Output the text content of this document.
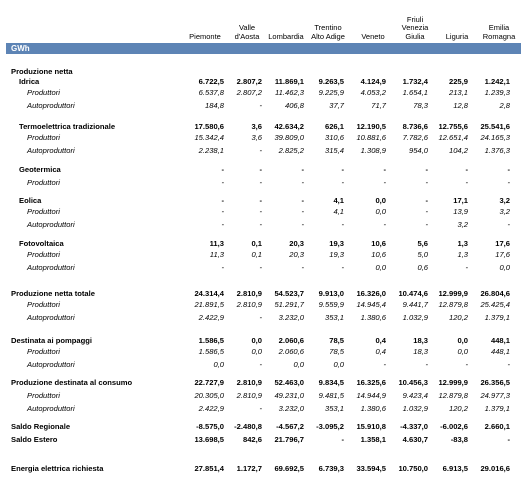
Piemonte
Valle
d'Aosta	Lombardia
Trentino
Alto Adige	Veneto
Friuli
Venezia
Giulia	Liguria
Emilia
Romagna
GWh
Produzione netta
Idrica	6.722,5 2.807,2 11.869,1 9.263,5 4.124,9 1.732,4	225,9 1.242,1
Produttori	6.537,8 2.807,2 11.462,3 9.225,9 4.053,2 1.654,1	213,1 1.239,3
Autoproduttori	184,8	-	406,8	37,7	71,7	78,3	12,8	2,8
Termoelettrica tradizionale	17.580,6	3,6 42.634,2	626,1 12.190,5 8.736,6 12.755,6 25.541,6
Produttori	15.342,4	3,6 39.809,0	310,6 10.881,6 7.782,6 12.651,4 24.165,3
Autoproduttori	2.238,1	- 2.825,2	315,4 1.308,9	954,0	104,2 1.376,3
Geotermica	-	-	-	-	-	-	-	-
Produttori	-	-	-	-	-	-	-	-
Eolica	-	-	-	4,1	0,0	-	17,1	3,2
Produttori	-	-	-	4,1	0,0	-	13,9	3,2
Autoproduttori	-	-	-	-	-	-	3,2	-
Fotovoltaica	11,3	0,1	20,3	19,3	10,6	5,6	1,3	17,6
Produttori	11,3	0,1	20,3	19,3	10,6	5,0	1,3	17,6
Autoproduttori	-	-	-	-	0,0	0,6	-	0,0
Produzione netta totale	24.314,4 2.810,9 54.523,7 9.913,0 16.326,0 10.474,6 12.999,9 26.804,6
Produttori	21.891,5 2.810,9 51.291,7 9.559,9 14.945,4 9.441,7 12.879,8 25.425,4
Autoproduttori	2.422,9	- 3.232,0	353,1 1.380,6 1.032,9	120,2 1.379,1
Destinata ai pompaggi	1.586,5	0,0 2.060,6	78,5	0,4	18,3	0,0	448,1
Produttori	1.586,5	0,0 2.060,6	78,5	0,4	18,3	0,0	448,1
Autoproduttori	0,0	-	0,0	0,0	-	-	-	-
Produzione destinata al consumo	22.727,9 2.810,9 52.463,0 9.834,5 16.325,6 10.456,3 12.999,9 26.356,5
Produttori	20.305,0 2.810,9 49.231,0 9.481,5 14.944,9 9.423,4 12.879,8 24.977,3
Autoproduttori	2.422,9	- 3.232,0	353,1 1.380,6 1.032,9	120,2 1.379,1
Saldo Regionale	-8.575,0 -2.480,8 -4.567,2 -3.095,2 15.910,8 -4.337,0 -6.002,6 2.660,1
Saldo Estero	13.698,5 842,6 21.796,7	- 1.358,1 4.630,7	-83,8	-
Energia elettrica richiesta	27.851,4 1.172,7 69.692,5 6.739,3 33.594,5 10.750,0 6.913,5 29.016,6
